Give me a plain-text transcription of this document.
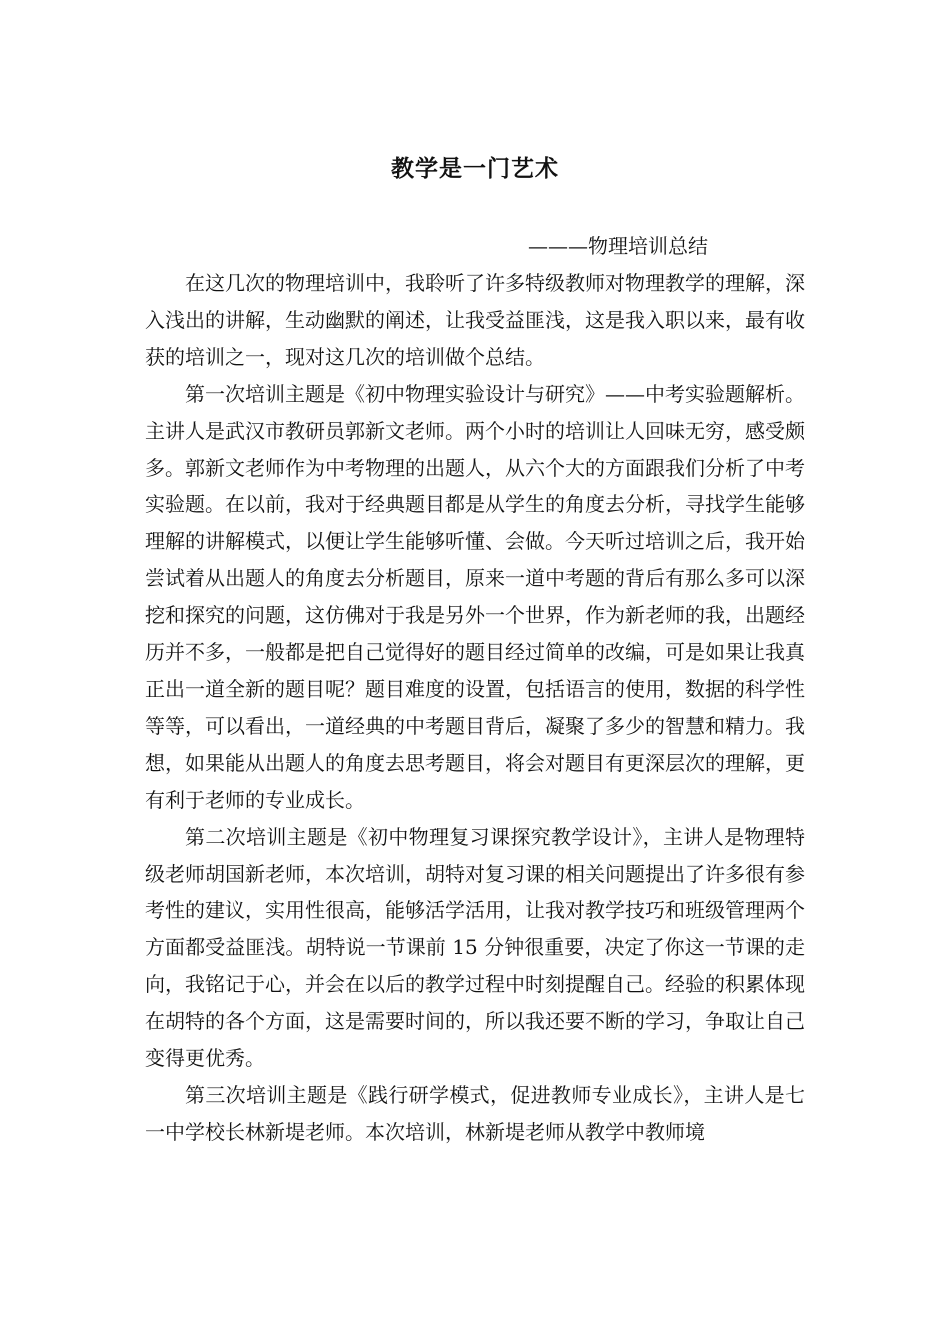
教学是一门艺术
———物理培训总结

在这几次的物理培训中，我聆听了许多特级教师对物理教学的理解，深入浅出的讲解，生动幽默的阐述，让我受益匪浅，这是我入职以来，最有收获的培训之一，现对这几次的培训做个总结。

第一次培训主题是《初中物理实验设计与研究》——中考实验题解析。主讲人是武汉市教研员郭新文老师。两个小时的培训让人回味无穷，感受颇多。郭新文老师作为中考物理的出题人，从六个大的方面跟我们分析了中考实验题。在以前，我对于经典题目都是从学生的角度去分析，寻找学生能够理解的讲解模式，以便让学生能够听懂、会做。今天听过培训之后，我开始尝试着从出题人的角度去分析题目，原来一道中考题的背后有那么多可以深挖和探究的问题，这仿佛对于我是另外一个世界，作为新老师的我，出题经历并不多，一般都是把自己觉得好的题目经过简单的改编，可是如果让我真正出一道全新的题目呢？题目难度的设置，包括语言的使用，数据的科学性等等，可以看出，一道经典的中考题目背后，凝聚了多少的智慧和精力。我想，如果能从出题人的角度去思考题目，将会对题目有更深层次的理解，更有利于老师的专业成长。

第二次培训主题是《初中物理复习课探究教学设计》，主讲人是物理特级老师胡国新老师，本次培训，胡特对复习课的相关问题提出了许多很有参考性的建议，实用性很高，能够活学活用，让我对教学技巧和班级管理两个方面都受益匪浅。胡特说一节课前 15 分钟很重要，决定了你这一节课的走向，我铭记于心，并会在以后的教学过程中时刻提醒自己。经验的积累体现在胡特的各个方面，这是需要时间的，所以我还要不断的学习，争取让自己变得更优秀。

第三次培训主题是《践行研学模式，促进教师专业成长》，主讲人是七一中学校长林新堤老师。本次培训，林新堤老师从教学中教师境
